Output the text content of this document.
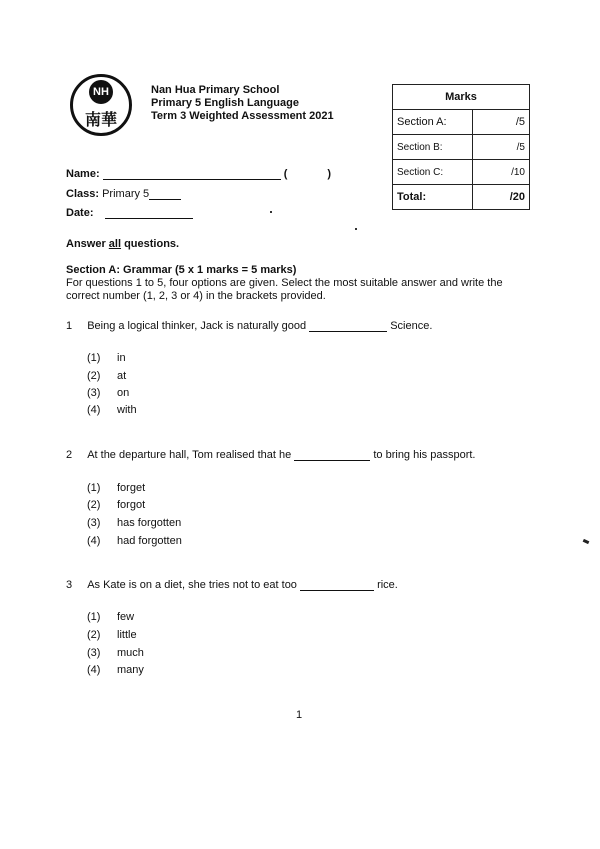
NH
南華
Nan Hua Primary School
Primary 5 English Language
Term 3 Weighted Assessment 2021
Marks	
Section A:	/5
Section B:	/5
Section C:	/10
Total:	/20
Name:	(	)
Class: Primary 5
Date:
Answer all questions.
Section A: Grammar (5 x 1 marks = 5 marks)
For questions 1 to 5, four options are given. Select the most suitable answer and write the
correct number (1, 2, 3 or 4) in the brackets provided.
1 Being a logical thinker, Jack is naturally good	Science.
(1) in
(2) at
(3) on
(4) with
2 At the departure hall, Tom realised that he	to bring his passport.
(1) forget
(2) forgot
(3) has forgotten
(4) had forgotten
3 As Kate is on a diet, she tries not to eat too	rice.
(1) few
(2) little
(3) much
(4) many
1
